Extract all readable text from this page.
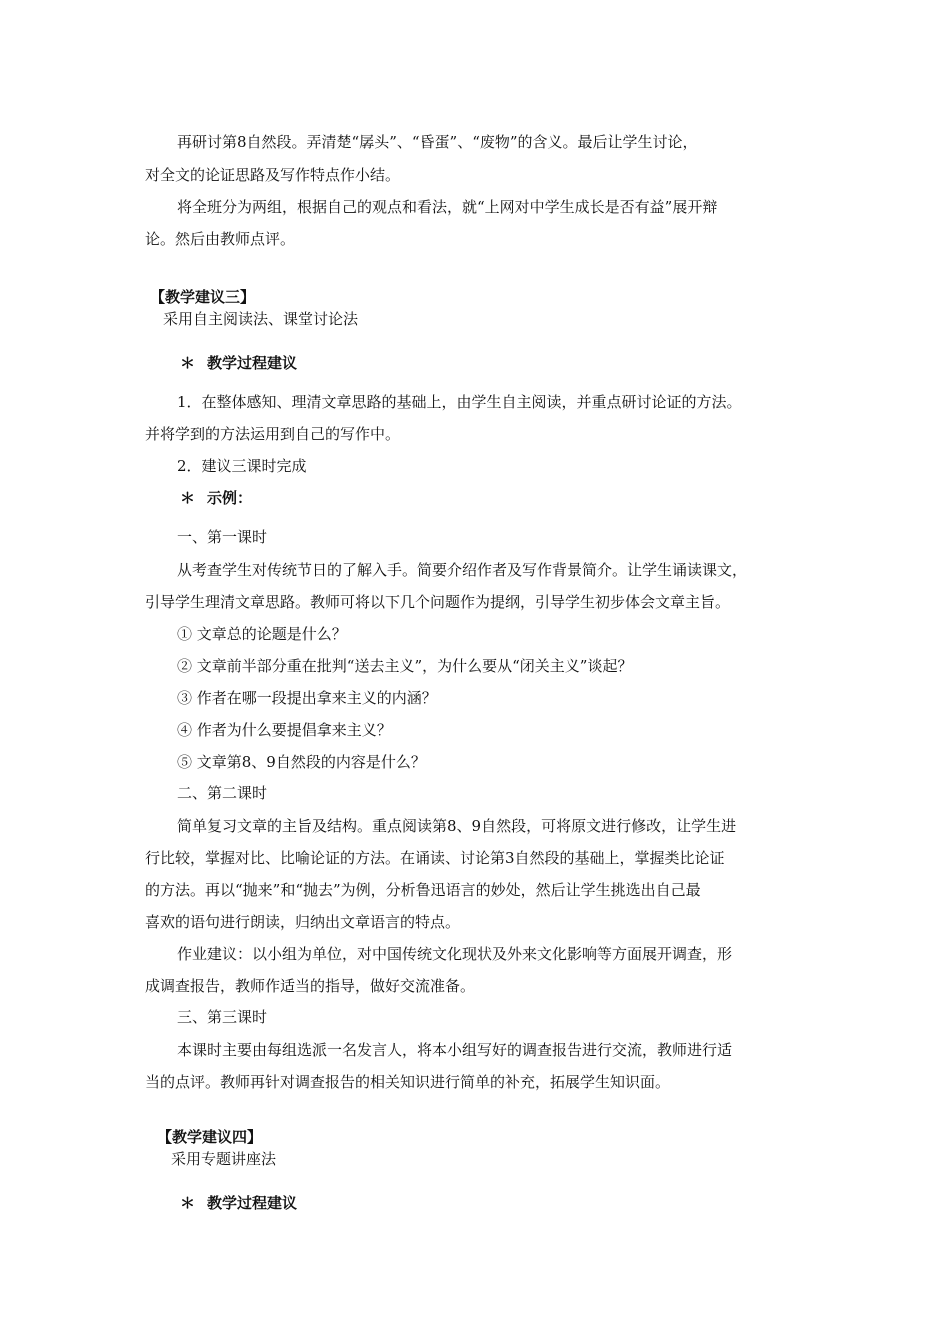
再研讨第8自然段。弄清楚“孱头”、“昏蛋”、“废物”的含义。最后让学生讨论，
对全文的论证思路及写作特点作小结。
将全班分为两组，根据自己的观点和看法，就“上网对中学生成长是否有益”展开辩
论。然后由教师点评。
【教学建议三】
采用自主阅读法、课堂讨论法
＊ 教学过程建议
1．在整体感知、理清文章思路的基础上，由学生自主阅读，并重点研讨论证的方法。
并将学到的方法运用到自己的写作中。
2．建议三课时完成
＊ 示例：
一、第一课时
从考查学生对传统节日的了解入手。简要介绍作者及写作背景简介。让学生诵读课文，
引导学生理清文章思路。教师可将以下几个问题作为提纲，引导学生初步体会文章主旨。
① 文章总的论题是什么？
② 文章前半部分重在批判“送去主义”，为什么要从“闭关主义”谈起？
③ 作者在哪一段提出拿来主义的内涵？
④ 作者为什么要提倡拿来主义？
⑤ 文章第8、9自然段的内容是什么？
二、第二课时
简单复习文章的主旨及结构。重点阅读第8、9自然段，可将原文进行修改，让学生进
行比较，掌握对比、比喻论证的方法。在诵读、讨论第3自然段的基础上，掌握类比论证
的方法。再以“抛来”和“抛去”为例，分析鲁迅语言的妙处，然后让学生挑选出自己最
喜欢的语句进行朗读，归纳出文章语言的特点。
作业建议：以小组为单位，对中国传统文化现状及外来文化影响等方面展开调查，形
成调查报告，教师作适当的指导，做好交流准备。
三、第三课时
本课时主要由每组选派一名发言人，将本小组写好的调查报告进行交流，教师进行适
当的点评。教师再针对调查报告的相关知识进行简单的补充，拓展学生知识面。
【教学建议四】
采用专题讲座法
＊ 教学过程建议
